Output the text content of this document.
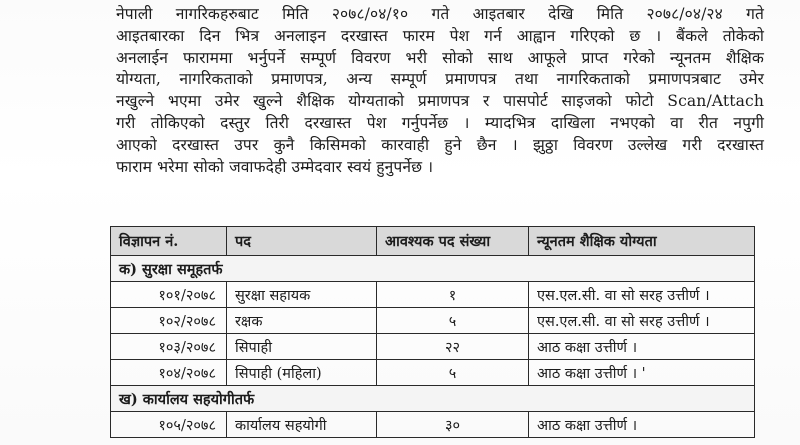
नेपाली नागरिकहरुबाट मिति २०७८/०४/१० गते आइतबार देखि मिति २०७८/०४/२४ गते
आइतबारका दिन भित्र अनलाइन दरखास्त फारम पेश गर्न आह्वान गरिएको छ । बैंकले तोकेको
अनलाईन फाराममा भर्नुपर्ने सम्पूर्ण विवरण भरी सोको साथ आफूले प्राप्त गरेको न्यूनतम शैक्षिक
योग्यता, नागरिकताको प्रमाणपत्र, अन्य सम्पूर्ण प्रमाणपत्र तथा नागरिकताको प्रमाणपत्रबाट उमेर
नखुल्ने भएमा उमेर खुल्ने शैक्षिक योग्यताको प्रमाणपत्र र पासपोर्ट साइजको फोटो Scan/Attach
गरी तोकिएको दस्तुर तिरी दरखास्त पेश गर्नुपर्नेछ । म्यादभित्र दाखिला नभएको वा रीत नपुगी
आएको दरखास्त उपर कुनै किसिमको कारवाही हुने छैन । झुठ्ठा विवरण उल्लेख गरी दरखास्त
फाराम भरेमा सोको जवाफदेही उम्मेदवार स्वयं हुनुपर्नेछ ।
विज्ञापन नं.	पद	आवश्यक पद संख्या	न्यूनतम शैक्षिक योग्यता
क) सुरक्षा समूहतर्फ			
१०१/२०७८	सुरक्षा सहायक	१	एस.एल.सी. वा सो सरह उत्तीर्ण ।
१०२/२०७८	रक्षक	५	एस.एल.सी. वा सो सरह उत्तीर्ण ।
१०३/२०७८	सिपाही	२२	आठ कक्षा उत्तीर्ण ।
१०४/२०७८	सिपाही (महिला)	५	आठ कक्षा उत्तीर्ण । '
ख) कार्यालय सहयोगीतर्फ			
१०५/२०७८	कार्यालय सहयोगी	३०	आठ कक्षा उत्तीर्ण ।
